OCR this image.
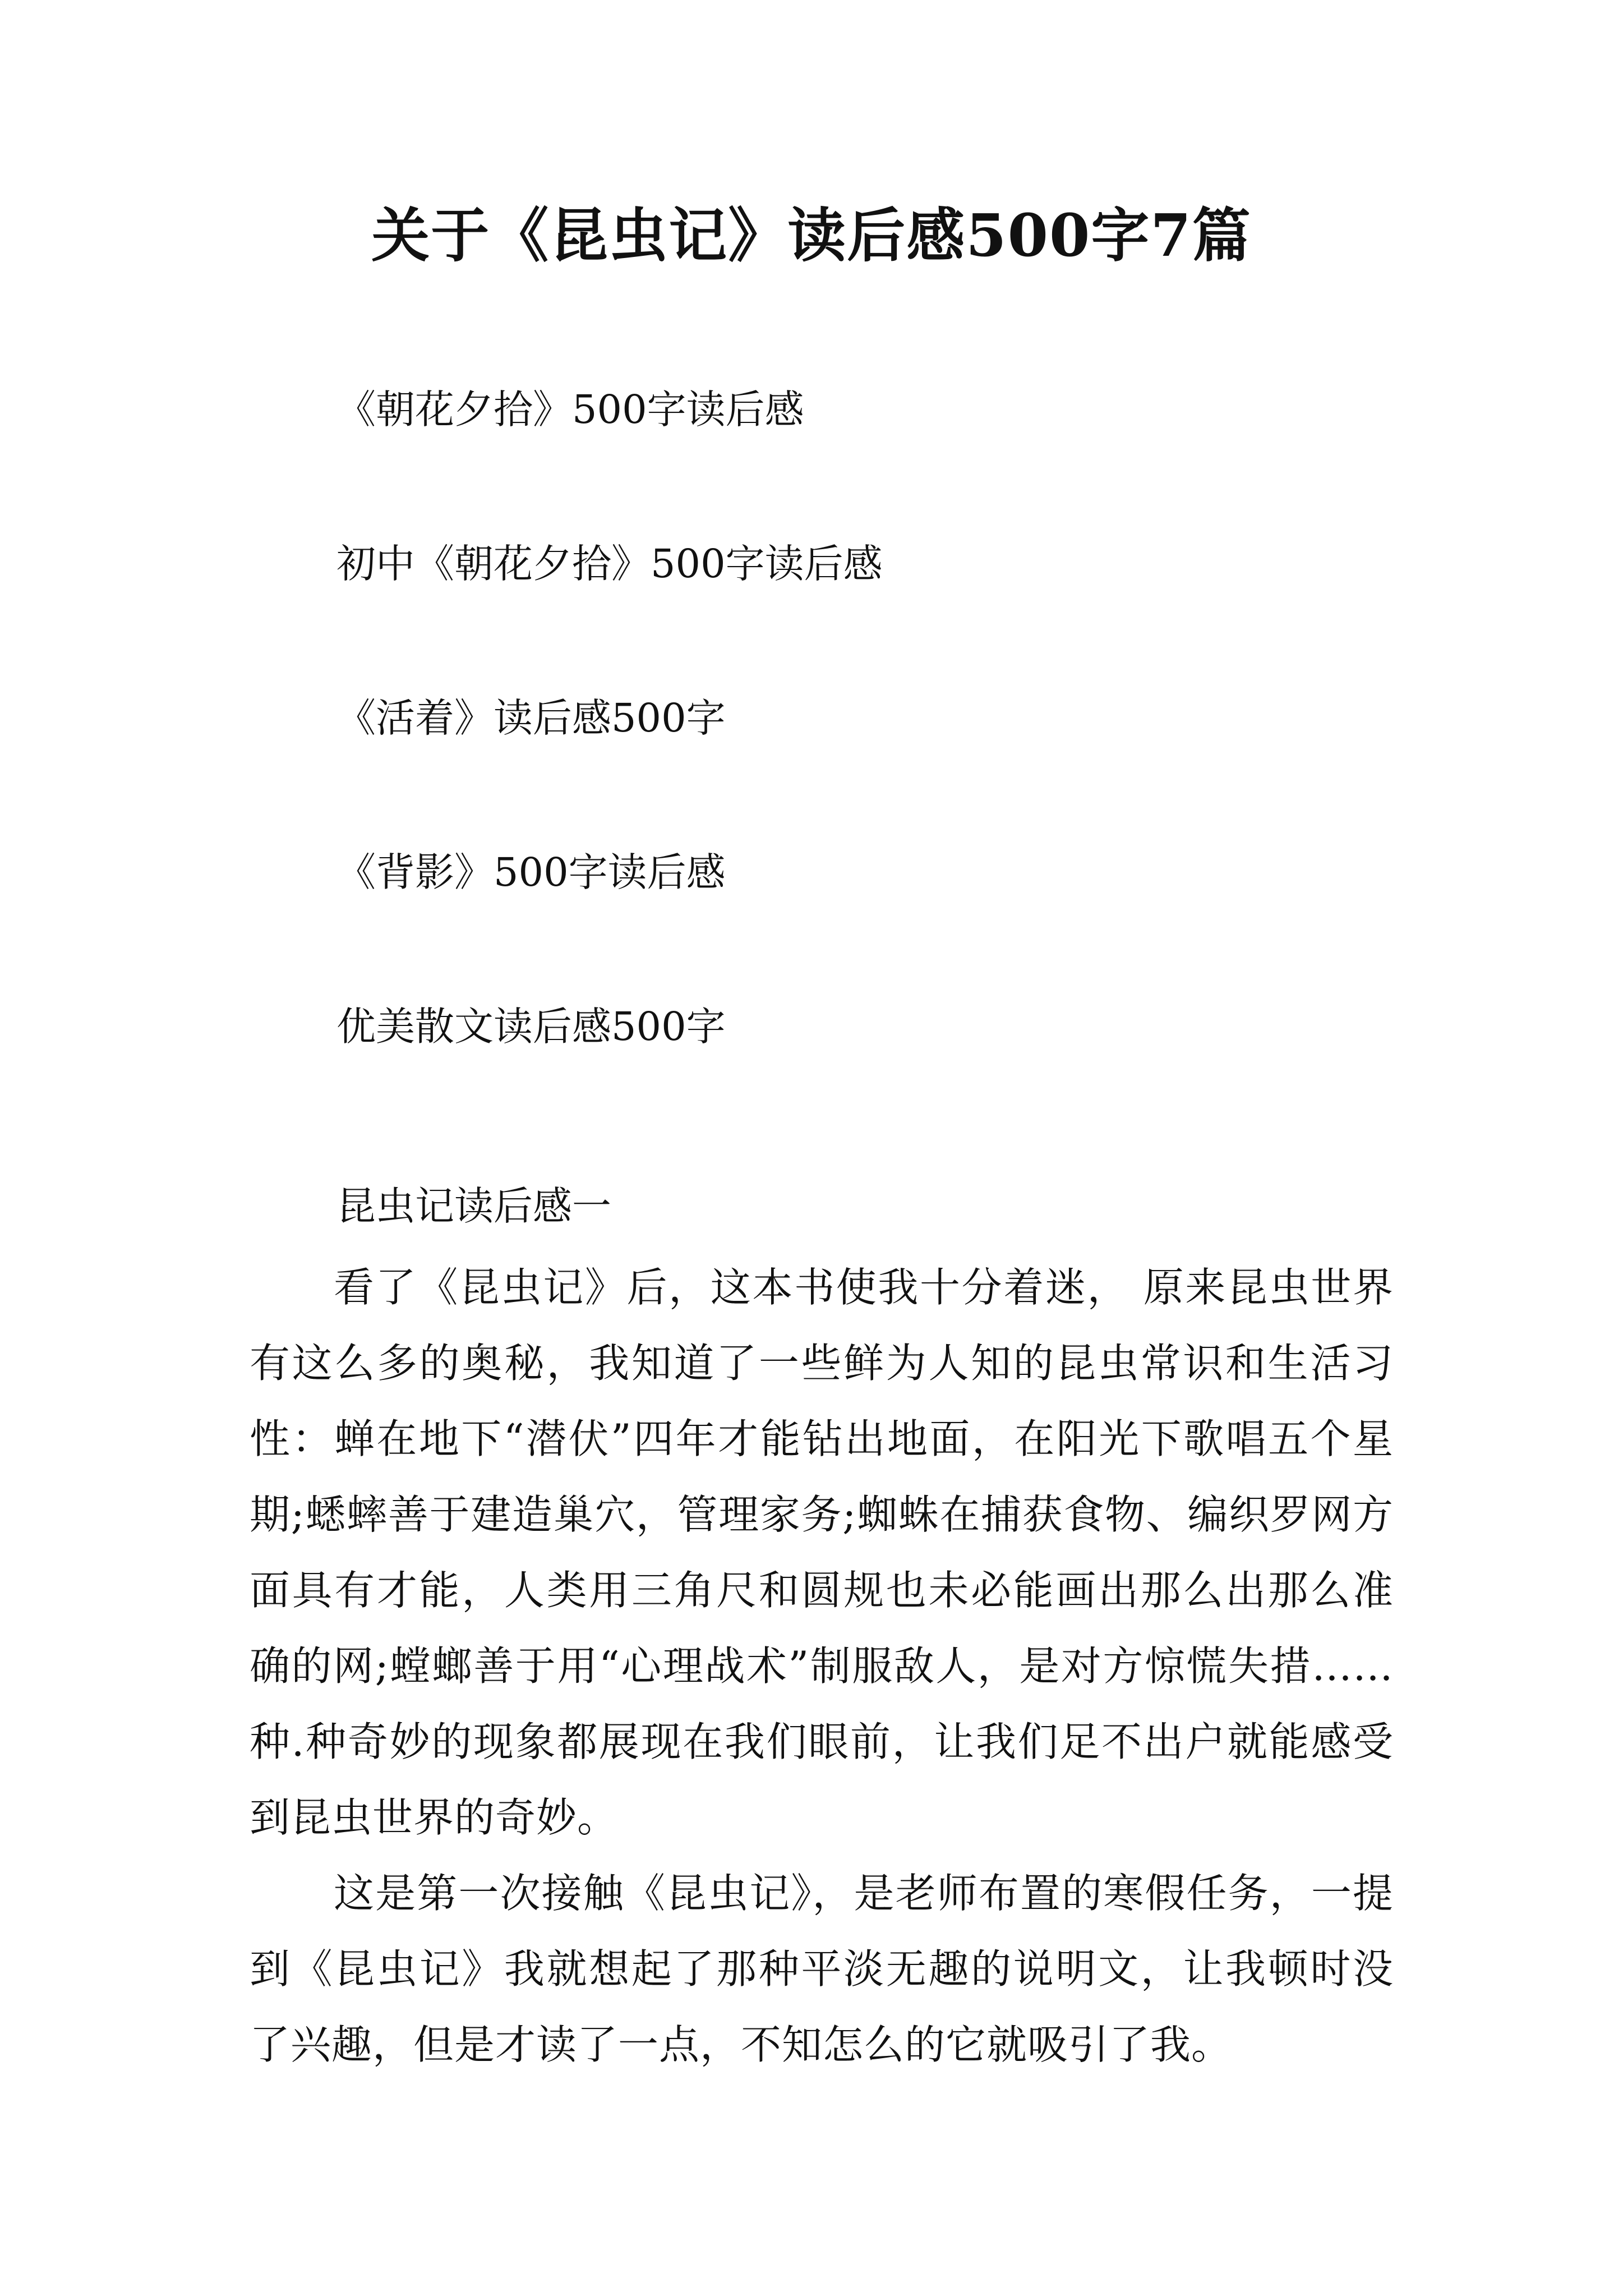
关于《昆虫记》读后感500字7篇
《朝花夕拾》500字读后感
初中《朝花夕拾》500字读后感
《活着》读后感500字
《背影》500字读后感
优美散文读后感500字
昆虫记读后感一

看了《昆虫记》后，这本书使我十分着迷， 原来昆虫世界有这么多的奥秘，我知道了一些鲜为人知的昆虫常识和生活习性：蝉在地下“潜伏”四年才能钻出地面，在阳光下歌唱五个星期;蟋蟀善于建造巢穴，管理家务;蜘蛛在捕获食物、编织罗网方面具有才能，人类用三角尺和圆规也未必能画出那么出那么准确的网;螳螂善于用“心理战术”制服敌人，是对方惊慌失措……种.种奇妙的现象都展现在我们眼前，让我们足不出户就能感受到昆虫世界的奇妙。

这是第一次接触《昆虫记》，是老师布置的寒假任务，一提到《昆虫记》我就想起了那种平淡无趣的说明文，让我顿时没了兴趣，但是才读了一点，不知怎么的它就吸引了我。
